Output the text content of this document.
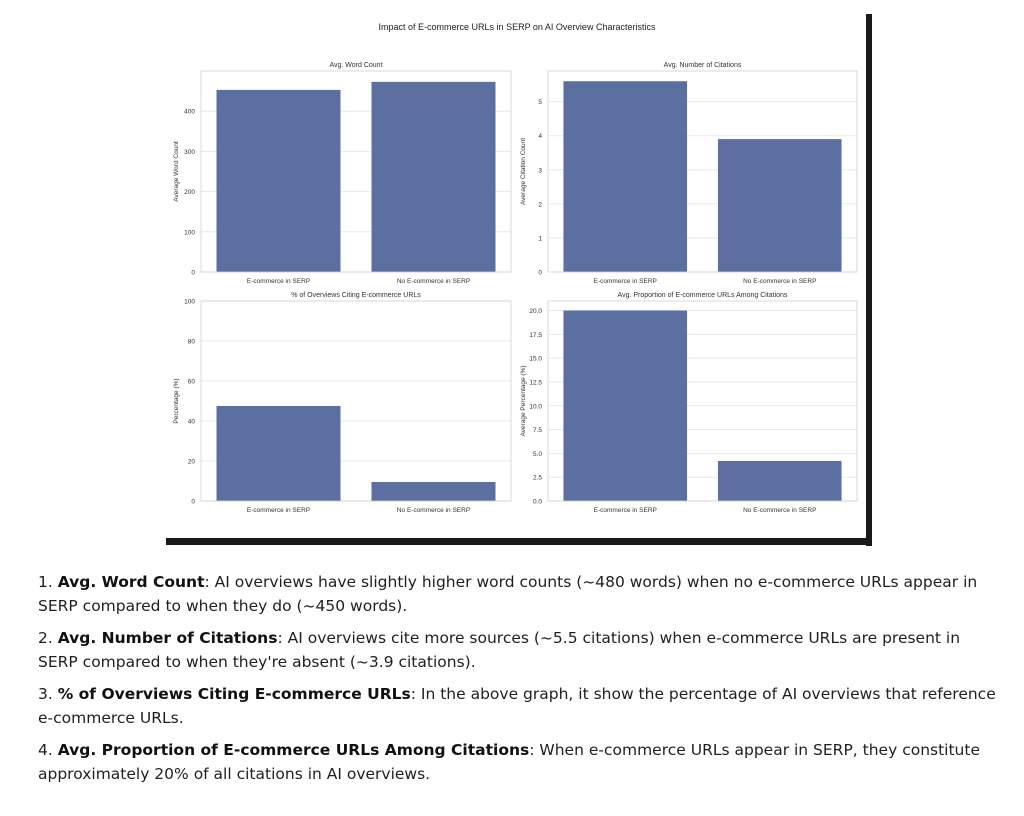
Impact of E-commerce URLs in SERP on AI Overview Characteristics
0
100
200
300
400
E-commerce in SERP	No E-commerce in SERP
Avg. Word Count
Average Word Count
0
1
2
3
4
5
E-commerce in SERP	No E-commerce in SERP
Avg. Number of Citations
Average Citation Count
0
20
40
60
80
100
E-commerce in SERP	No E-commerce in SERP
% of Overviews Citing E-commerce URLs
Percentage (%)
0.0
2.5
5.0
7.5
10.0
12.5
15.0
17.5
20.0
E-commerce in SERP	No E-commerce in SERP
Avg. Proportion of E-commerce URLs Among Citations
Average Percentage (%)
1. Avg. Word Count: AI overviews have slightly higher word counts (~480 words) when no e-commerce URLs appear in SERP compared to when they do (~450 words).
2. Avg. Number of Citations: AI overviews cite more sources (~5.5 citations) when e-commerce URLs are present in SERP compared to when they're absent (~3.9 citations).
3. % of Overviews Citing E-commerce URLs: In the above graph, it show the percentage of AI overviews that reference e-commerce URLs.
4. Avg. Proportion of E-commerce URLs Among Citations: When e-commerce URLs appear in SERP, they constitute approximately 20% of all citations in AI overviews.
